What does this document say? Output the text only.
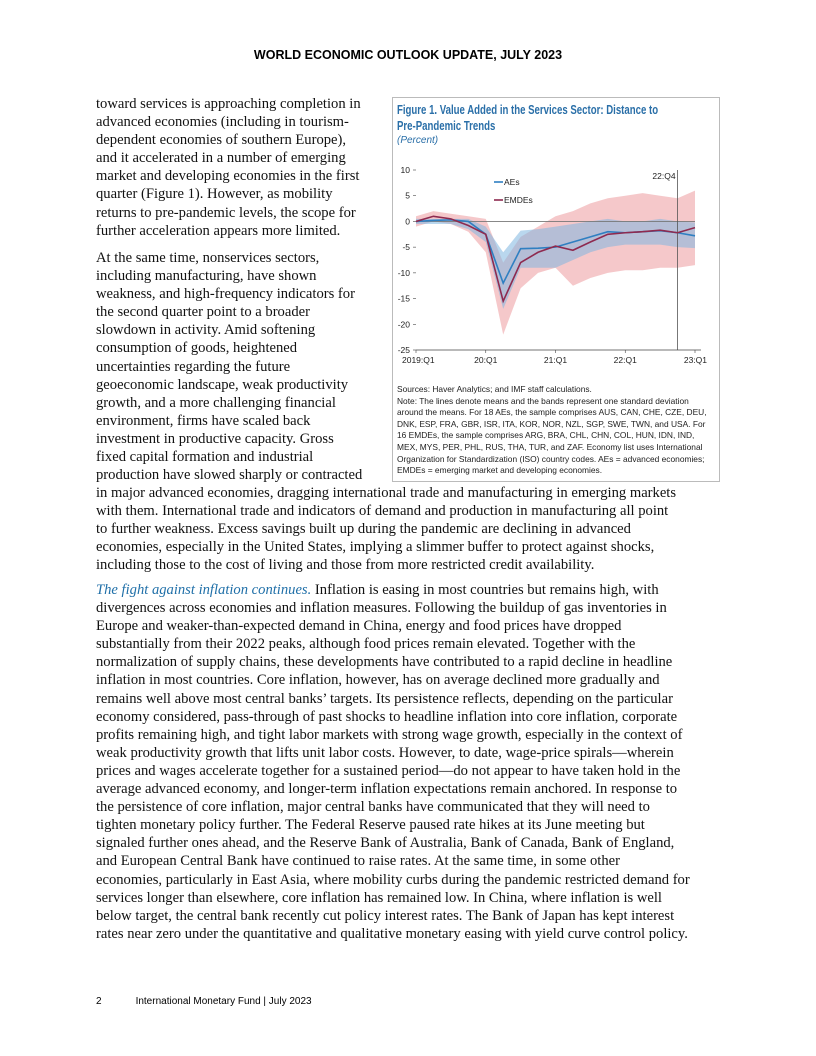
WORLD ECONOMIC OUTLOOK UPDATE, JULY 2023
toward services is approaching completion in
advanced economies (including in tourism-
dependent economies of southern Europe),
and it accelerated in a number of emerging
market and developing economies in the first
quarter (Figure 1). However, as mobility
returns to pre-pandemic levels, the scope for
further acceleration appears more limited.
At the same time, nonservices sectors,
including manufacturing, have shown
weakness, and high-frequency indicators for
the second quarter point to a broader
slowdown in activity. Amid softening
consumption of goods, heightened
uncertainties regarding the future
geoeconomic landscape, weak productivity
growth, and a more challenging financial
environment, firms have scaled back
investment in productive capacity. Gross
fixed capital formation and industrial
production have slowed sharply or contracted
in major advanced economies, dragging international trade and manufacturing in emerging markets
with them. International trade and indicators of demand and production in manufacturing all point
to further weakness. Excess savings built up during the pandemic are declining in advanced
economies, especially in the United States, implying a slimmer buffer to protect against shocks,
including those to the cost of living and those from more restricted credit availability.
The fight against inflation continues. Inflation is easing in most countries but remains high, with
divergences across economies and inflation measures. Following the buildup of gas inventories in
Europe and weaker-than-expected demand in China, energy and food prices have dropped
substantially from their 2022 peaks, although food prices remain elevated. Together with the
normalization of supply chains, these developments have contributed to a rapid decline in headline
inflation in most countries. Core inflation, however, has on average declined more gradually and
remains well above most central banks’ targets. Its persistence reflects, depending on the particular
economy considered, pass-through of past shocks to headline inflation into core inflation, corporate
profits remaining high, and tight labor markets with strong wage growth, especially in the context of
weak productivity growth that lifts unit labor costs. However, to date, wage-price spirals—wherein
prices and wages accelerate together for a sustained period—do not appear to have taken hold in the
average advanced economy, and longer-term inflation expectations remain anchored. In response to
the persistence of core inflation, major central banks have communicated that they will need to
tighten monetary policy further. The Federal Reserve paused rate hikes at its June meeting but
signaled further ones ahead, and the Reserve Bank of Australia, Bank of Canada, Bank of England,
and European Central Bank have continued to raise rates. At the same time, in some other
economies, particularly in East Asia, where mobility curbs during the pandemic restricted demand for
services longer than elsewhere, core inflation has remained low. In China, where inflation is well
below target, the central bank recently cut policy interest rates. The Bank of Japan has kept interest
rates near zero under the quantitative and qualitative monetary easing with yield curve control policy.
22:Q4
10
5
0
-5
-10
-15
-20
-25
2019:Q1	20:Q1	21:Q1	22:Q1	23:Q1
AEs
EMDEs
Figure 1. Value Added in the Services Sector: Distance to
Pre-Pandemic Trends
(Percent)
Sources: Haver Analytics; and IMF staff calculations.
Note: The lines denote means and the bands represent one standard deviation around the means. For 18 AEs, the sample comprises AUS, CAN, CHE, CZE, DEU, DNK, ESP, FRA, GBR, ISR, ITA, KOR, NOR, NZL, SGP, SWE, TWN, and USA. For 16 EMDEs, the sample comprises ARG, BRA, CHL, CHN, COL, HUN, IDN, IND, MEX, MYS, PER, PHL, RUS, THA, TUR, and ZAF. Economy list uses International Organization for Standardization (ISO) country codes. AEs = advanced economies; EMDEs = emerging market and developing economies.
2	International Monetary Fund | July 2023
